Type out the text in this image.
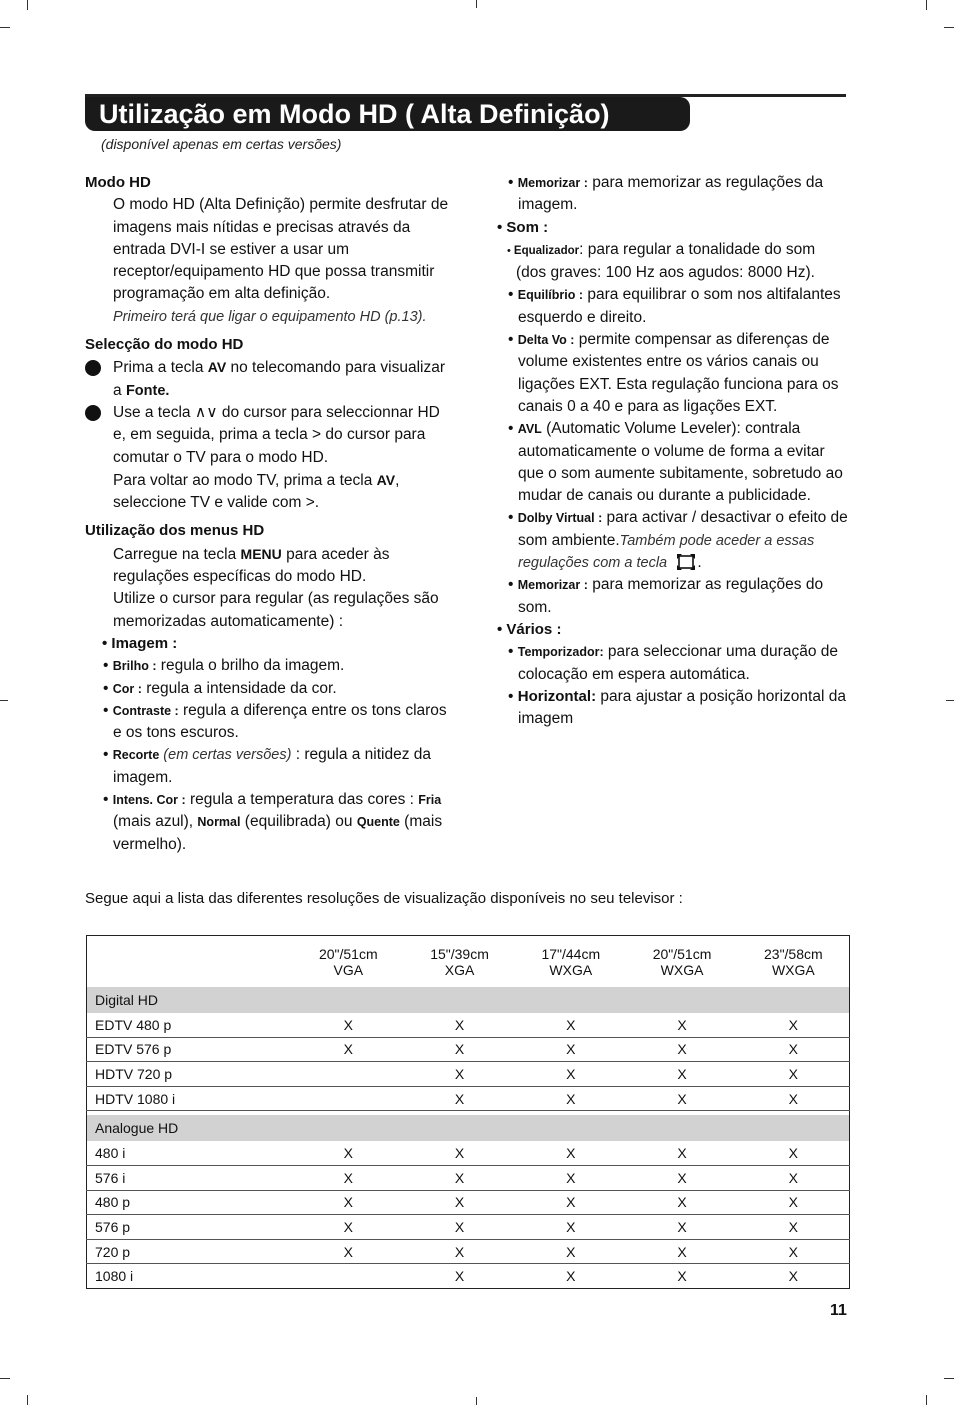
Utilização em Modo HD ( Alta Definição)
(disponível apenas em certas versões)

Modo HD

O modo HD (Alta Definição) permite desfrutar de imagens mais nítidas e precisas através da entrada DVI-I se estiver a usar um receptor/equipamento HD que possa transmitir programação em alta definição.

Primeiro terá que ligar o equipamento HD (p.13).

Selecção do modo HD

1 Prima a tecla AV no telecomando para visualizar a Fonte.

2 Use a tecla ∧∨ do cursor para seleccionnar HD e, em seguida, prima a tecla > do cursor para comutar o TV para o modo HD.

Para voltar ao modo TV, prima a tecla AV, seleccione TV e valide com >.

Utilização dos menus HD

Carregue na tecla MENU para aceder às regulações específicas do modo HD.

Utilize o cursor para regular (as regulações são memorizadas automaticamente) :

• Imagem :

• Brilho : regula o brilho da imagem.

• Cor : regula a intensidade da cor.

• Contraste : regula a diferença entre os tons claros e os tons escuros.

• Recorte (em certas versões) : regula a nitidez da imagem.

• Intens. Cor : regula a temperatura das cores : Fria (mais azul), Normal (equilibrada) ou Quente (mais vermelho).

• Memorizar : para memorizar as regulações da imagem.

• Som :

• Equalizador: para regular a tonalidade do som (dos graves: 100 Hz aos agudos: 8000 Hz).

• Equilíbrio : para equilibrar o som nos altifalantes esquerdo e direito.

• Delta Vo : permite compensar as diferenças de volume existentes entre os vários canais ou ligações EXT. Esta regulação funciona para os canais 0 a 40 e para as ligações EXT.

• AVL (Automatic Volume Leveler): contrala automaticamente o volume de forma a evitar que o som aumente subitamente, sobretudo ao mudar de canais ou durante a publicidade.

• Dolby Virtual : para activar / desactivar o efeito de som ambiente.Também pode aceder a essas regulações com a tecla .

• Memorizar : para memorizar as regulações do som.

• Vários :

• Temporizador: para seleccionar uma duração de colocação em espera automática.

• Horizontal: para ajustar a posição horizontal da imagem

Segue aqui a lista das diferentes resoluções de visualização disponíveis no seu televisor :
	20"/51cm	15"/39cm	17"/44cm	20"/51cm	23"/58cm
	VGA	XGA	WXGA	WXGA	WXGA
Digital HD					
EDTV 480 p	X	X	X	X	X
EDTV 576 p	X	X	X	X	X
HDTV 720 p		X	X	X	X
HDTV 1080 i		X	X	X	X

Analogue HD					
480 i	X	X	X	X	X
576 i	X	X	X	X	X
480 p	X	X	X	X	X
576 p	X	X	X	X	X
720 p	X	X	X	X	X
1080 i		X	X	X	X
11
